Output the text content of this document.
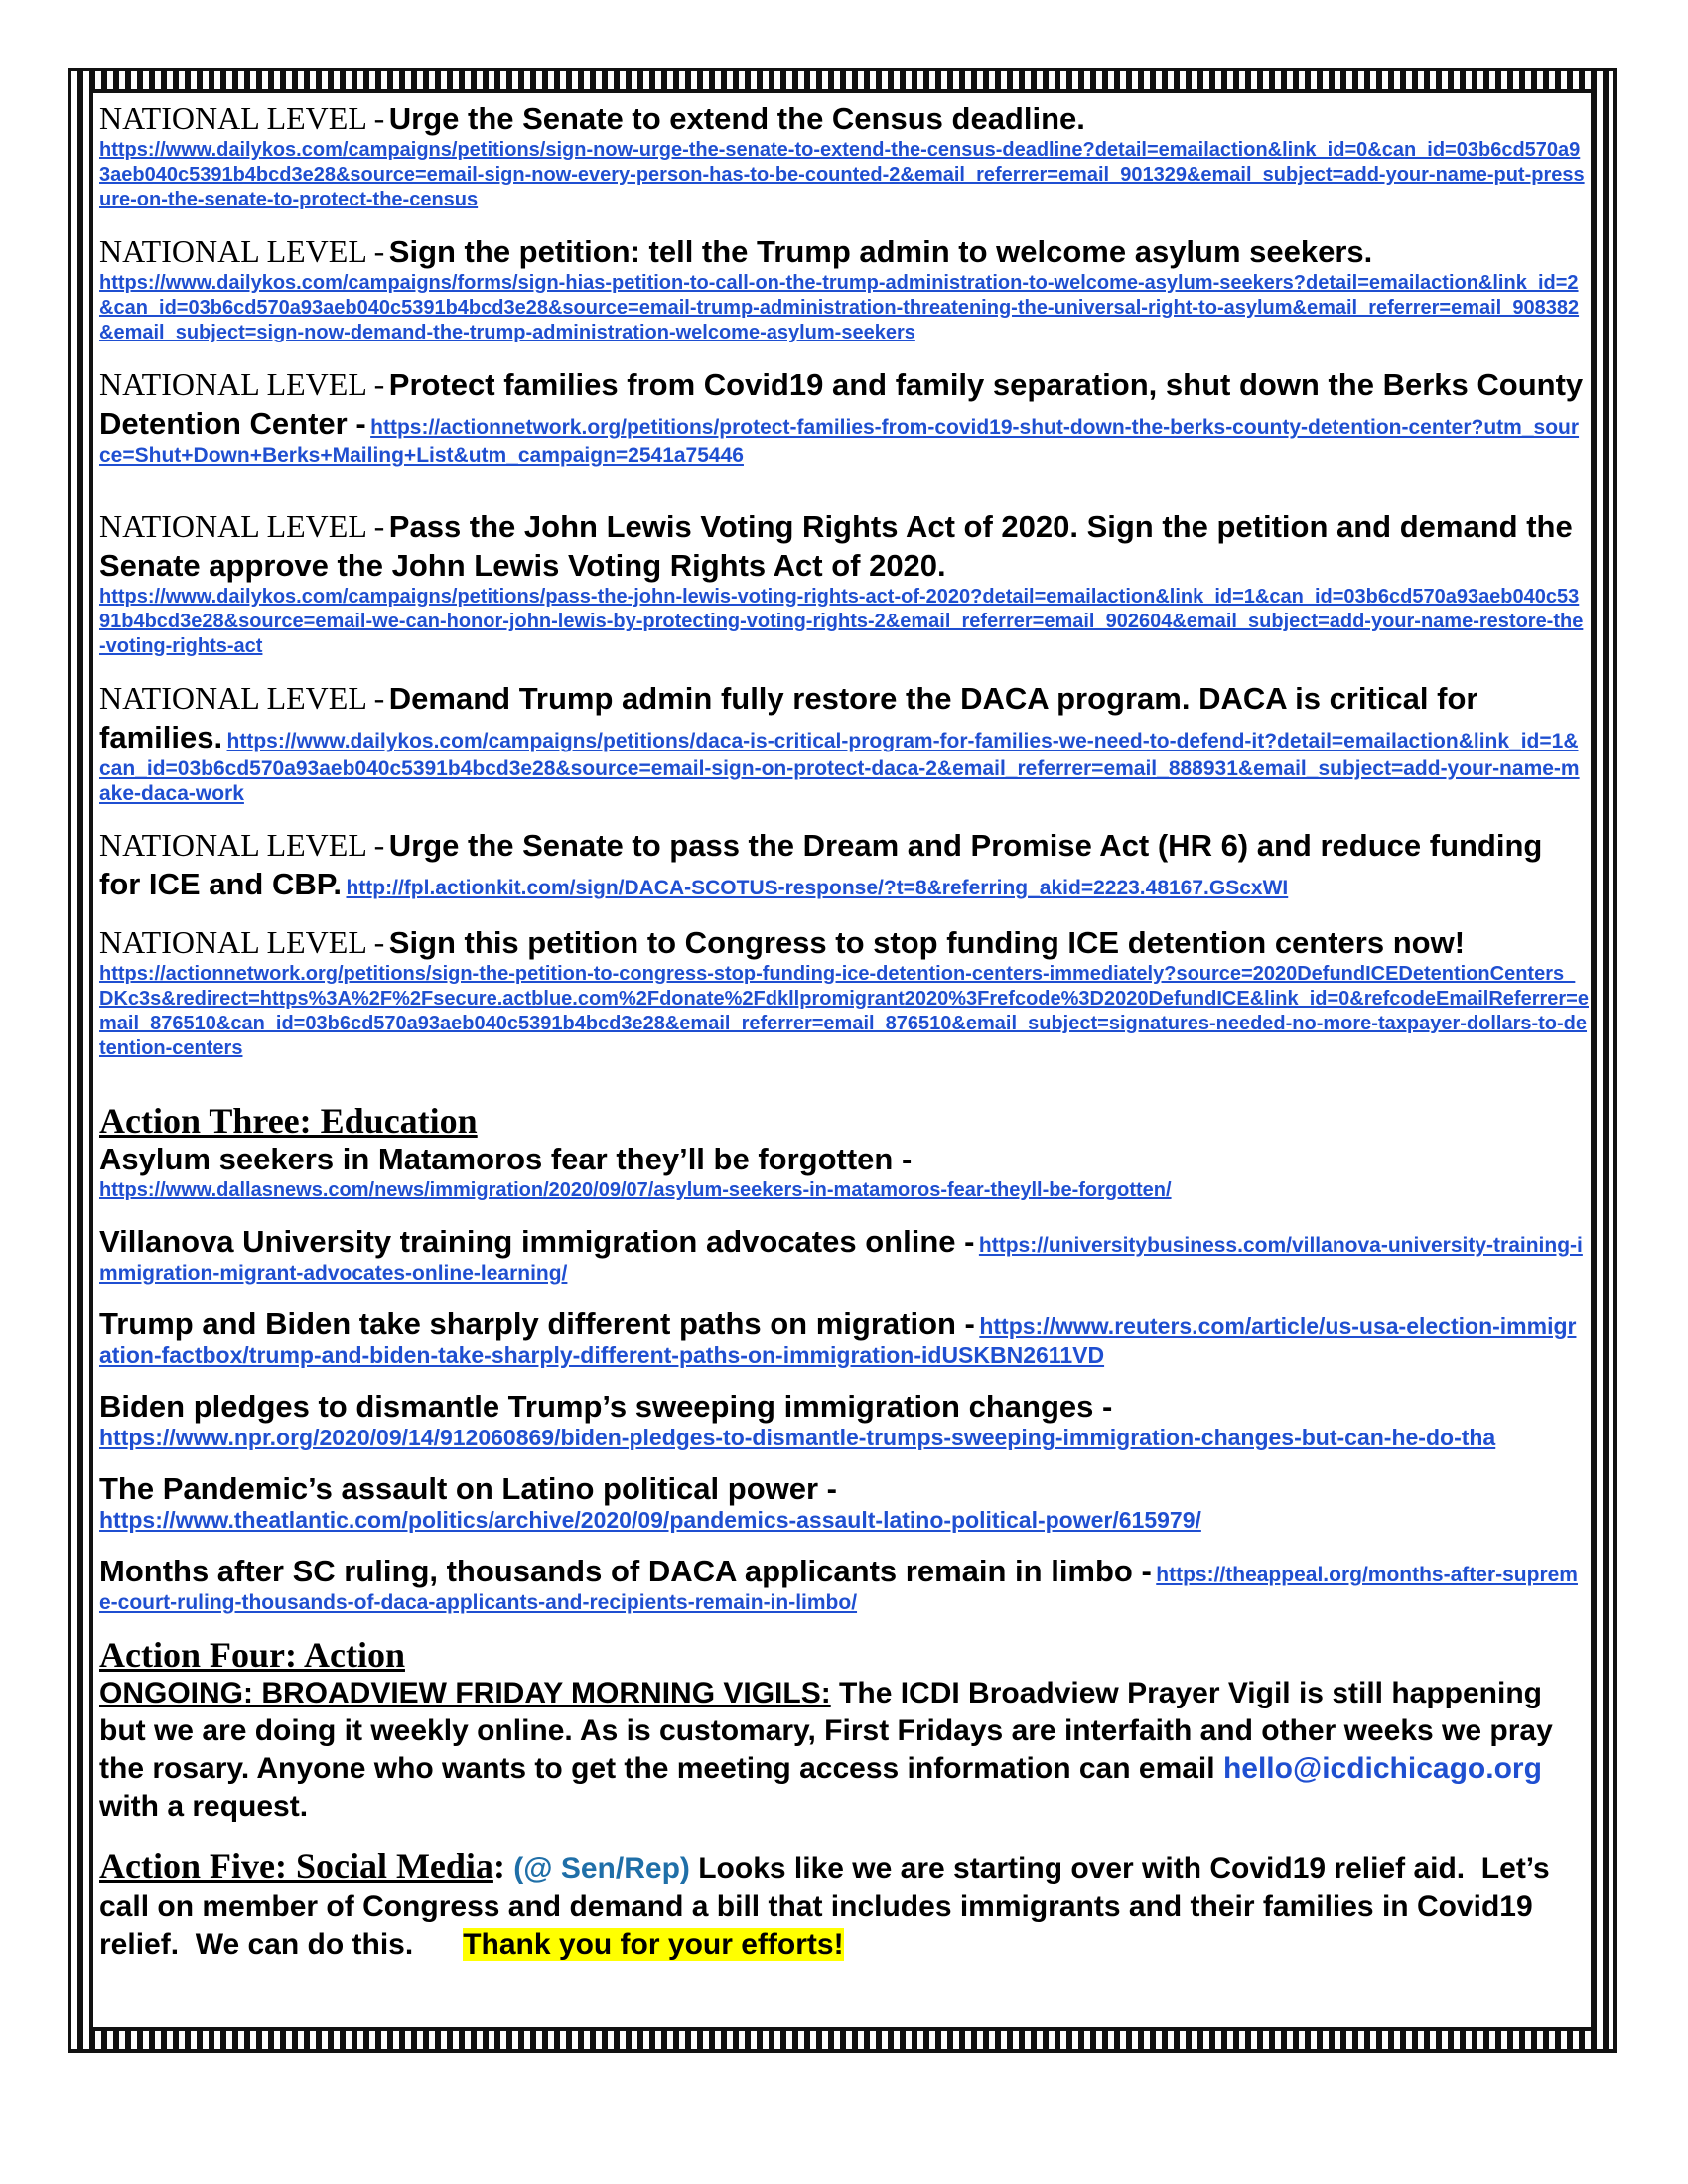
NATIONAL LEVEL - Urge the Senate to extend the Census deadline.
https://www.dailykos.com/campaigns/petitions/sign-now-urge-the-senate-to-extend-the-census-deadline?detail=emailaction&link_id=0&can_id=03b6cd570a93aeb040c5391b4bcd3e28&source=email-sign-now-every-person-has-to-be-counted-2&email_referrer=email_901329&email_subject=add-your-name-put-pressure-on-the-senate-to-protect-the-census
NATIONAL LEVEL - Sign the petition: tell the Trump admin to welcome asylum seekers.
https://www.dailykos.com/campaigns/forms/sign-hias-petition-to-call-on-the-trump-administration-to-welcome-asylum-seekers?detail=emailaction&link_id=2&can_id=03b6cd570a93aeb040c5391b4bcd3e28&source=email-trump-administration-threatening-the-universal-right-to-asylum&email_referrer=email_908382&email_subject=sign-now-demand-the-trump-administration-welcome-asylum-seekers
NATIONAL LEVEL - Protect families from Covid19 and family separation, shut down the Berks County Detention Center - https://actionnetwork.org/petitions/protect-families-from-covid19-shut-down-the-berks-county-detention-center?utm_source=Shut+Down+Berks+Mailing+List&utm_campaign=2541a75446
NATIONAL LEVEL - Pass the John Lewis Voting Rights Act of 2020. Sign the petition and demand the Senate approve the John Lewis Voting Rights Act of 2020.
https://www.dailykos.com/campaigns/petitions/pass-the-john-lewis-voting-rights-act-of-2020?detail=emailaction&link_id=1&can_id=03b6cd570a93aeb040c5391b4bcd3e28&source=email-we-can-honor-john-lewis-by-protecting-voting-rights-2&email_referrer=email_902604&email_subject=add-your-name-restore-the-voting-rights-act
NATIONAL LEVEL - Demand Trump admin fully restore the DACA program. DACA is critical for families. https://www.dailykos.com/campaigns/petitions/daca-is-critical-program-for-families-we-need-to-defend-it?detail=emailaction&link_id=1&can_id=03b6cd570a93aeb040c5391b4bcd3e28&source=email-sign-on-protect-daca-2&email_referrer=email_888931&email_subject=add-your-name-make-daca-work
NATIONAL LEVEL - Urge the Senate to pass the Dream and Promise Act (HR 6) and reduce funding for ICE and CBP. http://fpl.actionkit.com/sign/DACA-SCOTUS-response/?t=8&referring_akid=2223.48167.GScxWI
NATIONAL LEVEL - Sign this petition to Congress to stop funding ICE detention centers now!
https://actionnetwork.org/petitions/sign-the-petition-to-congress-stop-funding-ice-detention-centers-immediately?source=2020DefundICEDetentionCenters_DKc3s&redirect=https%3A%2F%2Fsecure.actblue.com%2Fdonate%2Fdkllpromigrant2020%3Frefcode%3D2020DefundICE&link_id=0&refcodeEmailReferrer=email_876510&can_id=03b6cd570a93aeb040c5391b4bcd3e28&email_referrer=email_876510&email_subject=signatures-needed-no-more-taxpayer-dollars-to-detention-centers
Action Three: Education
Asylum seekers in Matamoros fear they’ll be forgotten -
https://www.dallasnews.com/news/immigration/2020/09/07/asylum-seekers-in-matamoros-fear-theyll-be-forgotten/
Villanova University training immigration advocates online - https://universitybusiness.com/villanova-university-training-immigration-migrant-advocates-online-learning/
Trump and Biden take sharply different paths on migration - https://www.reuters.com/article/us-usa-election-immigration-factbox/trump-and-biden-take-sharply-different-paths-on-immigration-idUSKBN2611VD
Biden pledges to dismantle Trump’s sweeping immigration changes -
https://www.npr.org/2020/09/14/912060869/biden-pledges-to-dismantle-trumps-sweeping-immigration-changes-but-can-he-do-tha
The Pandemic’s assault on Latino political power -
https://www.theatlantic.com/politics/archive/2020/09/pandemics-assault-latino-political-power/615979/
Months after SC ruling, thousands of DACA applicants remain in limbo - https://theappeal.org/months-after-supreme-court-ruling-thousands-of-daca-applicants-and-recipients-remain-in-limbo/
Action Four: Action
ONGOING: BROADVIEW FRIDAY MORNING VIGILS: The ICDI Broadview Prayer Vigil is still happening but we are doing it weekly online. As is customary, First Fridays are interfaith and other weeks we pray the rosary. Anyone who wants to get the meeting access information can email hello@icdichicago.org with a request.
Action Five: Social Media: (@ Sen/Rep) Looks like we are starting over with Covid19 relief aid.  Let’s call on member of Congress and demand a bill that includes immigrants and their families in Covid19 relief.  We can do this.      Thank you for your efforts!
